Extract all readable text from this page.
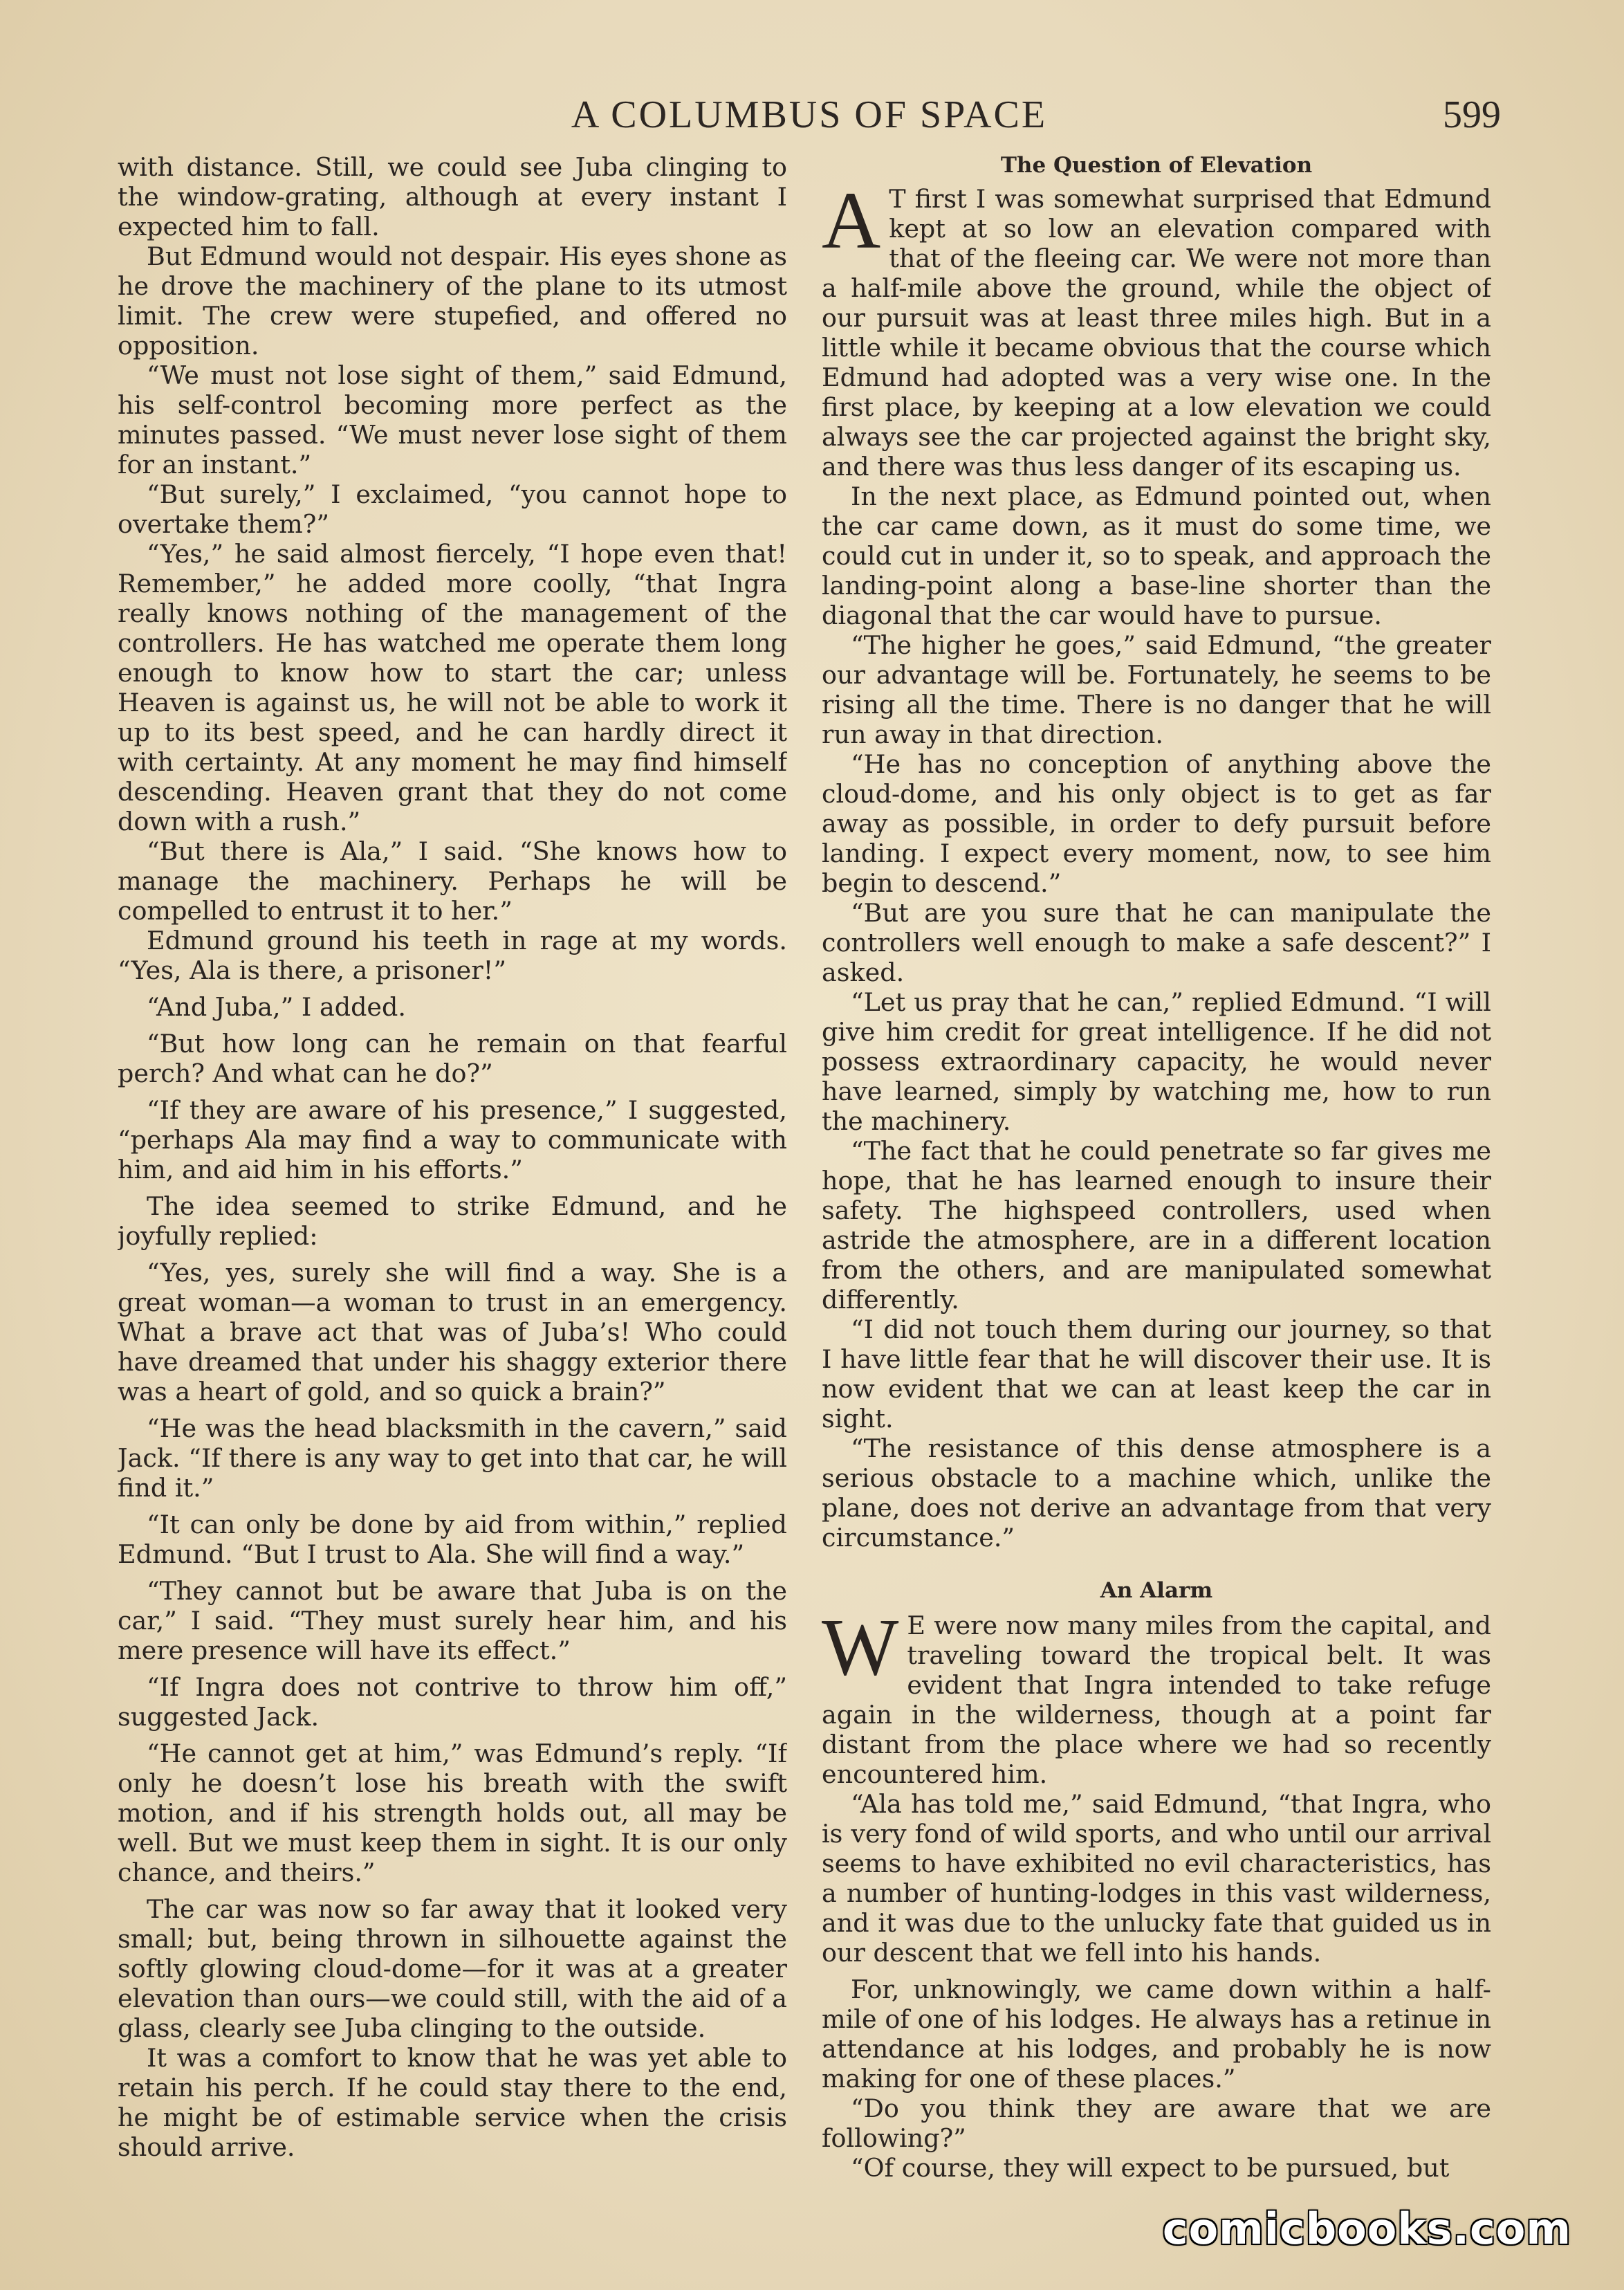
A COLUMBUS OF SPACE	599

with distance. Still, we could see Juba clinging to the window-grating, although at every instant I expected him to fall.

But Edmund would not despair. His eyes shone as he drove the machinery of the plane to its utmost limit. The crew were stupefied, and offered no opposition.

“We must not lose sight of them,” said Edmund, his self-control becoming more perfect as the minutes passed. “We must never lose sight of them for an instant.”

“But surely,” I exclaimed, “you cannot hope to overtake them?”

“Yes,” he said almost fiercely, “I hope even that! Remember,” he added more coolly, “that Ingra really knows nothing of the management of the controllers. He has watched me operate them long enough to know how to start the car; unless Heaven is against us, he will not be able to work it up to its best speed, and he can hardly direct it with certainty. At any moment he may find himself descending. Heaven grant that they do not come down with a rush.”

“But there is Ala,” I said. “She knows how to manage the machinery. Perhaps he will be compelled to entrust it to her.”

Edmund ground his teeth in rage at my words. “Yes, Ala is there, a prisoner!”

“And Juba,” I added.

“But how long can he remain on that fearful perch? And what can he do?”

“If they are aware of his presence,” I suggested, “perhaps Ala may find a way to communicate with him, and aid him in his efforts.”

The idea seemed to strike Edmund, and he joyfully replied:

“Yes, yes, surely she will find a way. She is a great woman—a woman to trust in an emergency. What a brave act that was of Juba’s! Who could have dreamed that under his shaggy exterior there was a heart of gold, and so quick a brain?”

“He was the head blacksmith in the cavern,” said Jack. “If there is any way to get into that car, he will find it.”

“It can only be done by aid from within,” replied Edmund. “But I trust to Ala. She will find a way.”

“They cannot but be aware that Juba is on the car,” I said. “They must surely hear him, and his mere presence will have its effect.”

“If Ingra does not contrive to throw him off,” suggested Jack.

“He cannot get at him,” was Edmund’s reply. “If only he doesn’t lose his breath with the swift motion, and if his strength holds out, all may be well. But we must keep them in sight. It is our only chance, and theirs.”

The car was now so far away that it looked very small; but, being thrown in silhouette against the softly glowing cloud-dome—for it was at a greater elevation than ours—we could still, with the aid of a glass, clearly see Juba clinging to the outside.

It was a comfort to know that he was yet able to retain his perch. If he could stay there to the end, he might be of estimable service when the crisis should arrive.

The Question of Elevation

A T first I was somewhat surprised that Edmund kept at so low an elevation compared with that of the fleeing car. We were not more than a half-mile above the ground, while the object of our pursuit was at least three miles high. But in a little while it became obvious that the course which Edmund had adopted was a very wise one. In the first place, by keeping at a low elevation we could always see the car projected against the bright sky, and there was thus less danger of its escaping us.

In the next place, as Edmund pointed out, when the car came down, as it must do some time, we could cut in under it, so to speak, and approach the landing-point along a base-line shorter than the diagonal that the car would have to pursue.

“The higher he goes,” said Edmund, “the greater our advantage will be. Fortunately, he seems to be rising all the time. There is no danger that he will run away in that direction.

“He has no conception of anything above the cloud-dome, and his only object is to get as far away as possible, in order to defy pursuit before landing. I expect every moment, now, to see him begin to descend.”

“But are you sure that he can manipulate the controllers well enough to make a safe descent?” I asked.

“Let us pray that he can,” replied Edmund. “I will give him credit for great intelligence. If he did not possess extraordinary capacity, he would never have learned, simply by watching me, how to run the machinery.

“The fact that he could penetrate so far gives me hope, that he has learned enough to insure their safety. The highspeed controllers, used when astride the atmosphere, are in a different location from the others, and are manipulated somewhat differently.

“I did not touch them during our journey, so that I have little fear that he will discover their use. It is now evident that we can at least keep the car in sight.

“The resistance of this dense atmosphere is a serious obstacle to a machine which, unlike the plane, does not derive an advantage from that very circumstance.”

An Alarm

W E were now many miles from the capital, and traveling toward the tropical belt. It was evident that Ingra intended to take refuge again in the wilderness, though at a point far distant from the place where we had so recently encountered him.

“Ala has told me,” said Edmund, “that Ingra, who is very fond of wild sports, and who until our arrival seems to have exhibited no evil characteristics, has a number of hunting-lodges in this vast wilderness, and it was due to the unlucky fate that guided us in our descent that we fell into his hands.

For, unknowingly, we came down within a half-mile of one of his lodges. He always has a retinue in attendance at his lodges, and probably he is now making for one of these places.”

“Do you think they are aware that we are following?”

“Of course, they will expect to be pursued, but

comicbooks.com
